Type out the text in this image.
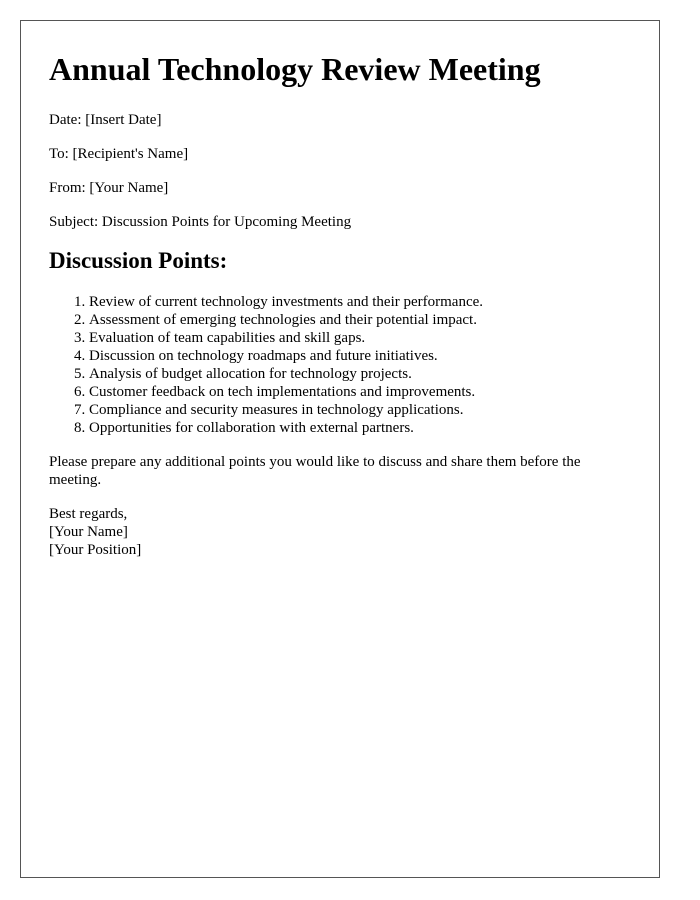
Annual Technology Review Meeting

Date: [Insert Date]

To: [Recipient's Name]

From: [Your Name]

Subject: Discussion Points for Upcoming Meeting

Discussion Points:
1. Review of current technology investments and their performance.
2. Assessment of emerging technologies and their potential impact.
3. Evaluation of team capabilities and skill gaps.
4. Discussion on technology roadmaps and future initiatives.
5. Analysis of budget allocation for technology projects.
6. Customer feedback on tech implementations and improvements.
7. Compliance and security measures in technology applications.
8. Opportunities for collaboration with external partners.

Please prepare any additional points you would like to discuss and share them before the meeting.

Best regards,
[Your Name]
[Your Position]
